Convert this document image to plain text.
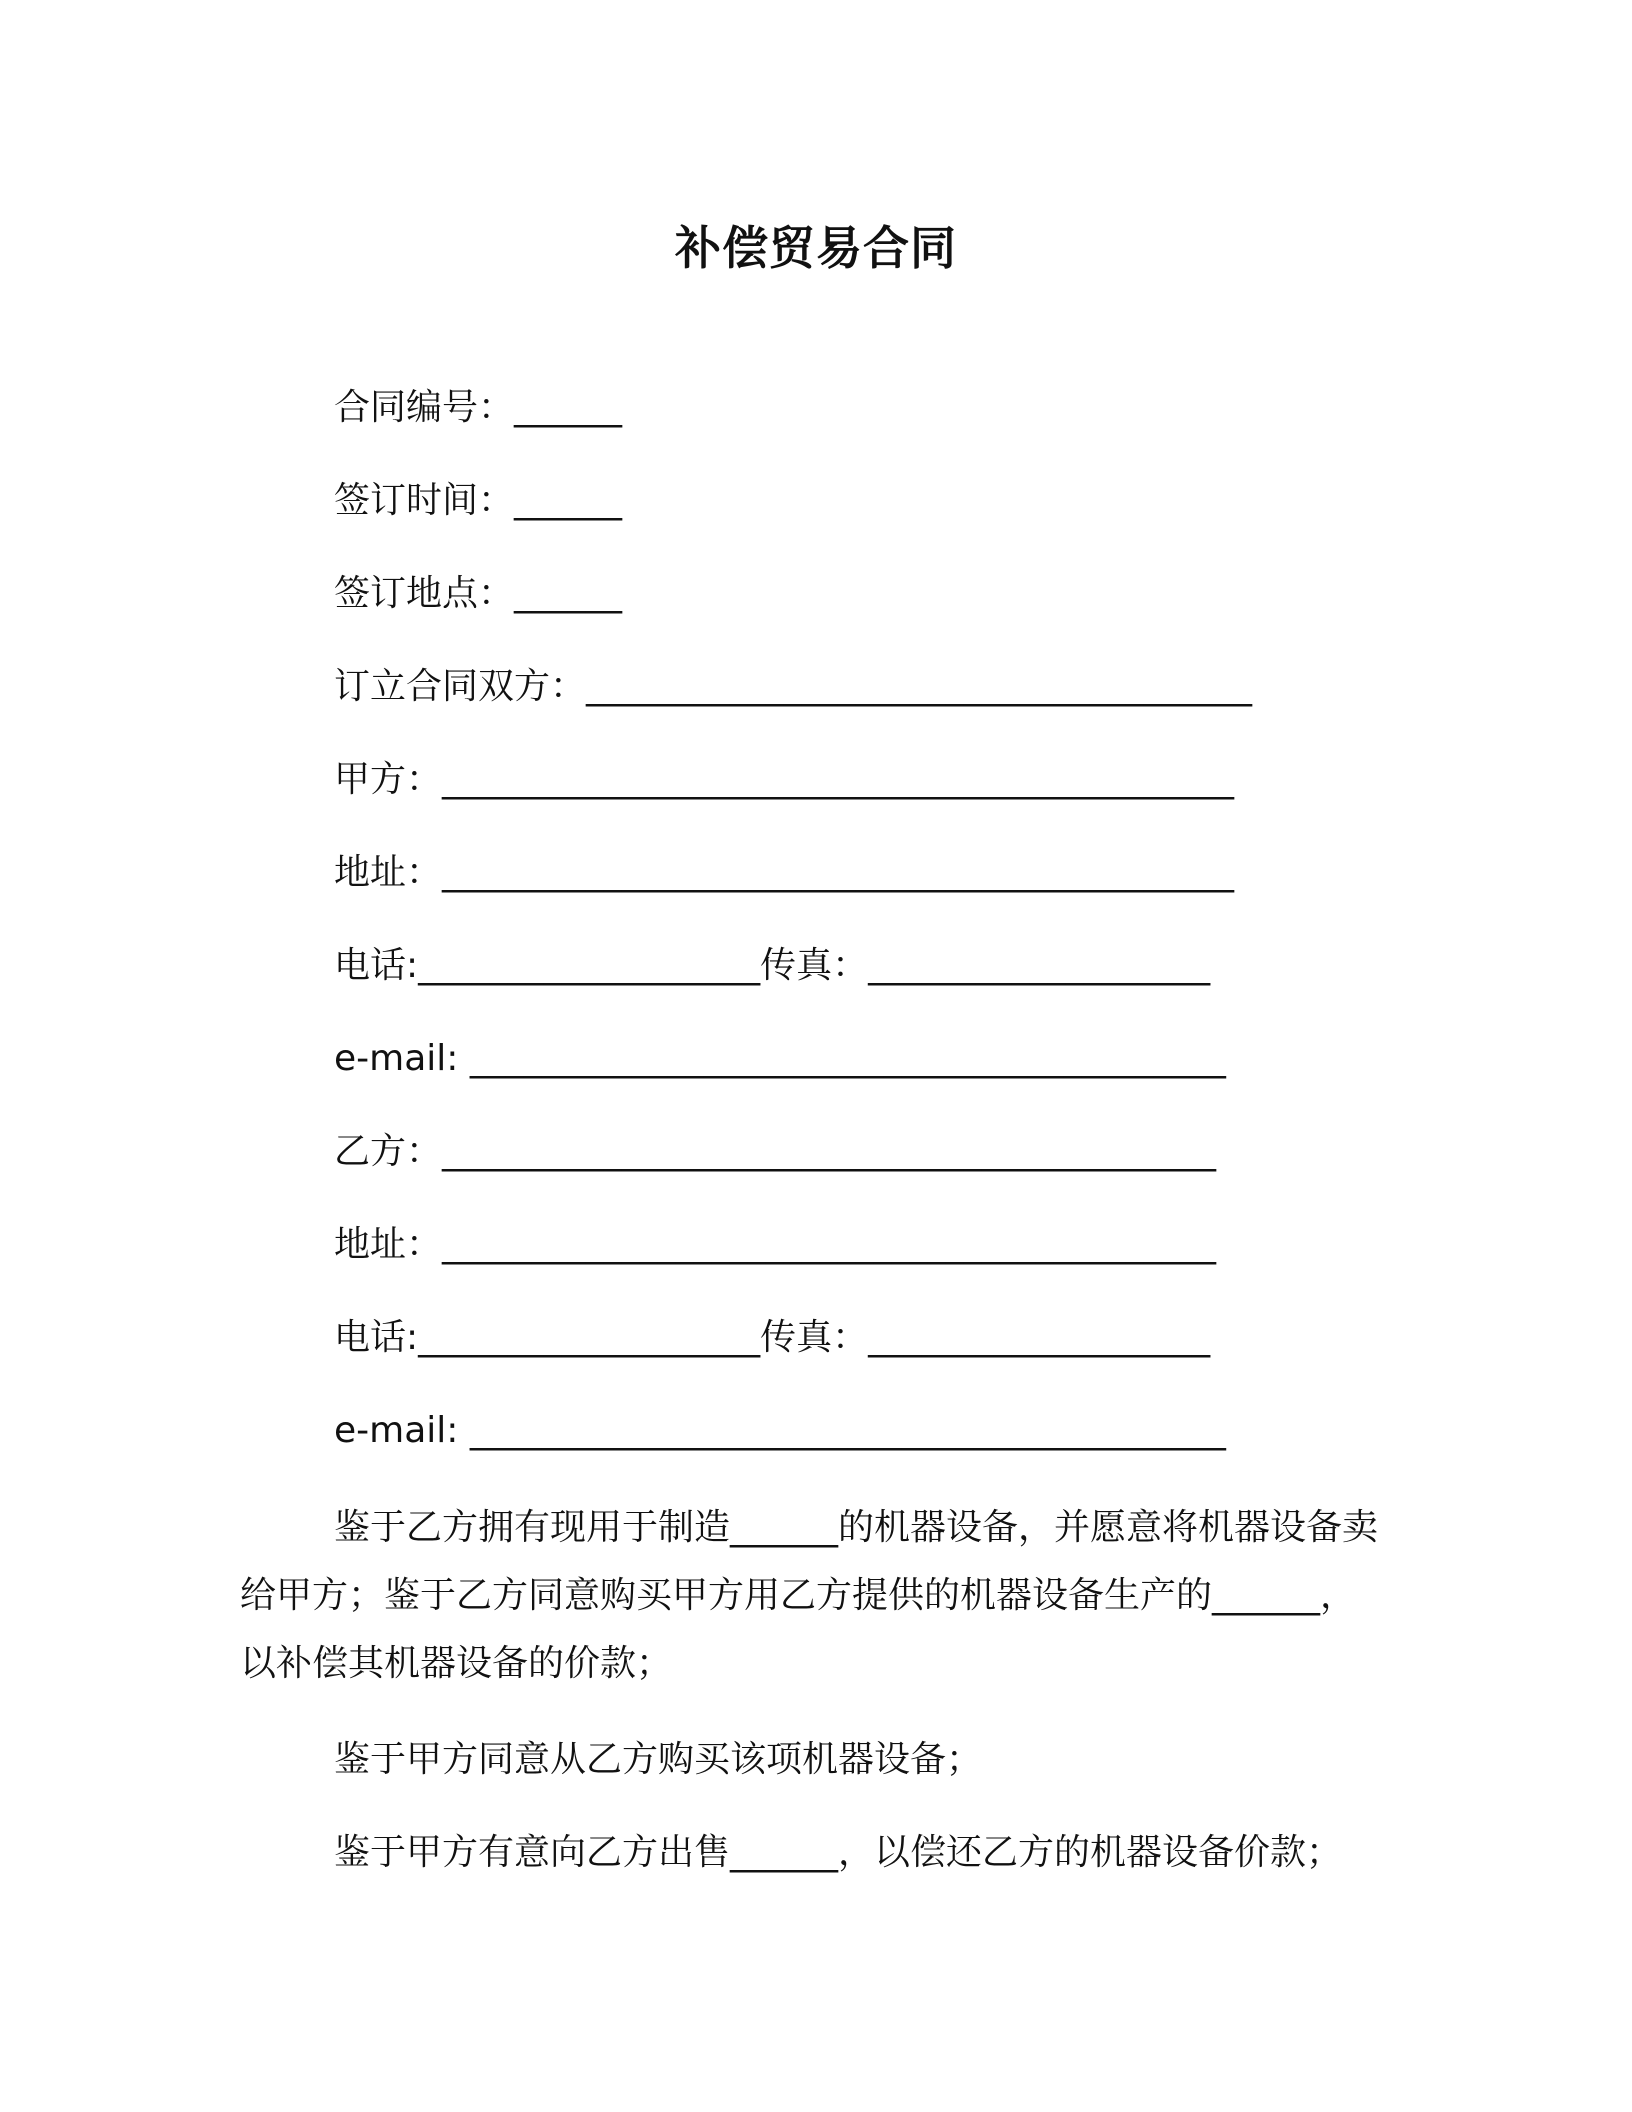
补偿贸易合同
合同编号：______
签订时间：______
签订地点：______
订立合同双方：_____________________________________
甲方：____________________________________________
地址：____________________________________________
电话:___________________传真：___________________
e-mail: __________________________________________
乙方：___________________________________________
地址：___________________________________________
电话:___________________传真：___________________
e-mail: __________________________________________
鉴于乙方拥有现用于制造______的机器设备，并愿意将机器设备卖给甲方；鉴于乙方同意购买甲方用乙方提供的机器设备生产的______，以补偿其机器设备的价款；
鉴于甲方同意从乙方购买该项机器设备；
鉴于甲方有意向乙方出售______，以偿还乙方的机器设备价款；
